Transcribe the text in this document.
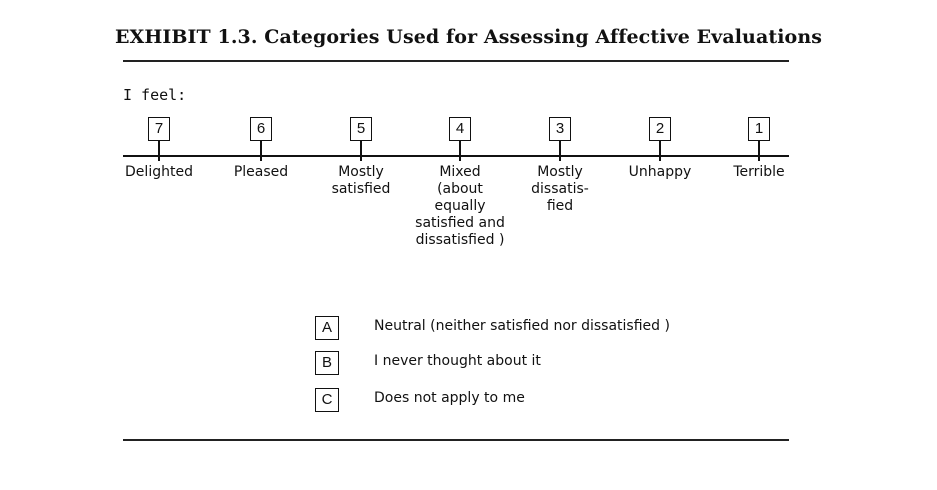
EXHIBIT 1.3. Categories Used for Assessing Affective Evaluations
I feel:
7
Delighted
6
Pleased
5
Mostly
satisfied
4
Mixed
(about
equally
satisfied and
dissatisfied )
3
Mostly
dissatis-
fied
2
Unhappy
1
Terrible
A	Neutral (neither satisfied nor dissatisfied )
B	I never thought about it
C	Does not apply to me
